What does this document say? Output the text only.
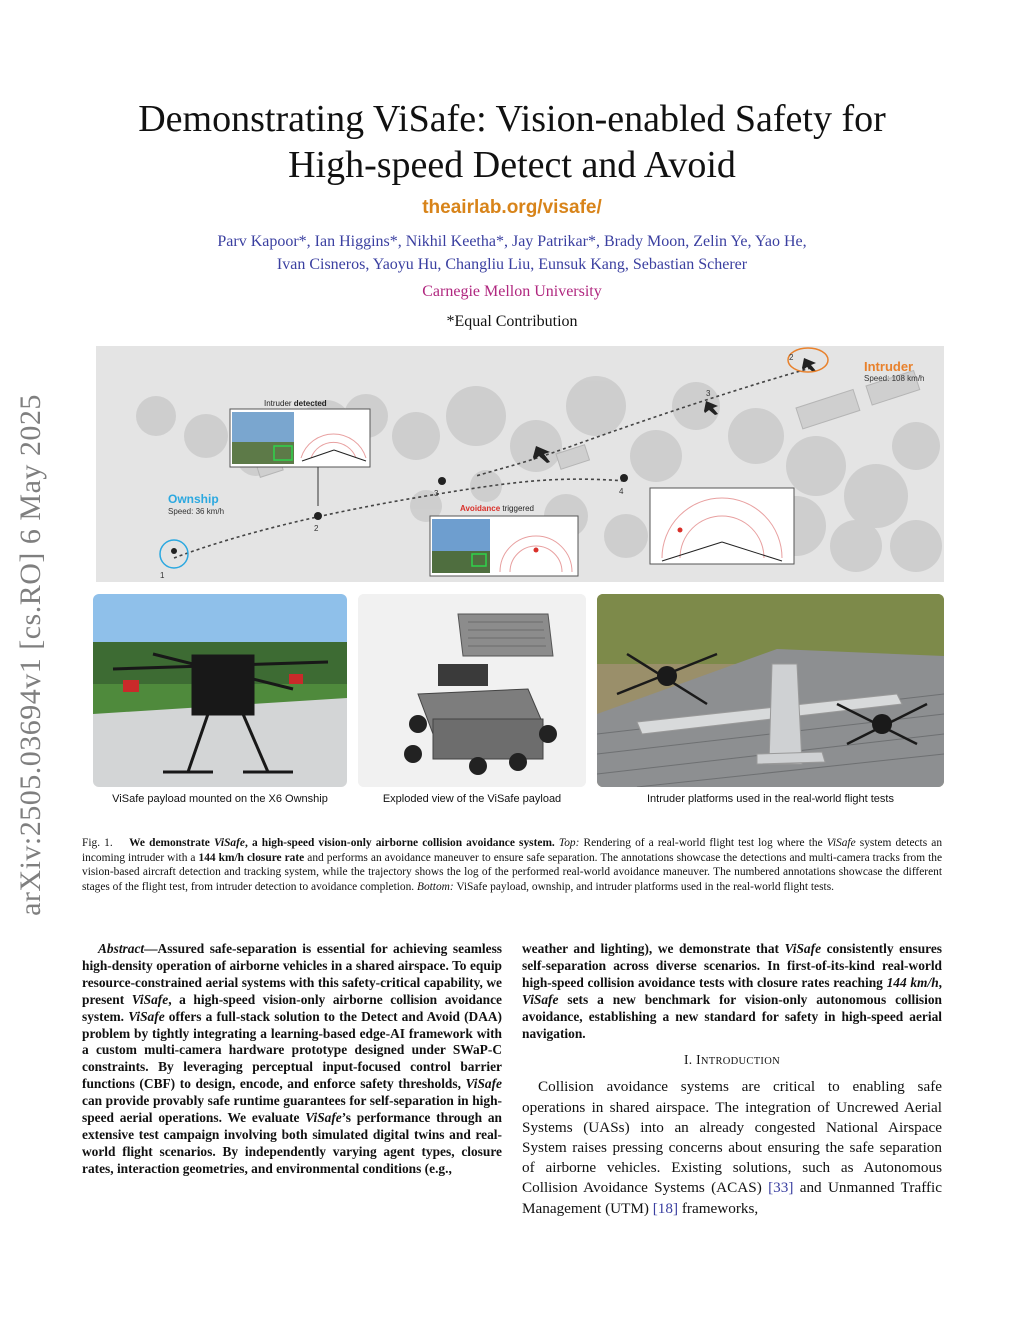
arXiv:2505.03694v1 [cs.RO] 6 May 2025
Demonstrating ViSafe: Vision-enabled Safety for
High-speed Detect and Avoid
theairlab.org/visafe/
Parv Kapoor*, Ian Higgins*, Nikhil Keetha*, Jay Patrikar*, Brady Moon, Zelin Ye, Yao He,
Ivan Cisneros, Yaoyu Hu, Changliu Liu, Eunsuk Kang, Sebastian Scherer
Carnegie Mellon University
*Equal Contribution
1
2
3	4
2
3
Intruder
Speed: 108 km/h
Ownship
Speed: 36 km/h
Intruder detected
Avoidance triggered
ViSafe payload mounted on the X6 Ownship	Exploded view of the ViSafe payload	Intruder platforms used in the real-world flight tests
Fig. 1. We demonstrate ViSafe, a high-speed vision-only airborne collision avoidance system. Top: Rendering of a real-world flight test log where the ViSafe system detects an incoming intruder with a 144 km/h closure rate and performs an avoidance maneuver to ensure safe separation. The annotations showcase the detections and multi-camera tracks from the vision-based aircraft detection and tracking system, while the trajectory shows the log of the performed real-world avoidance maneuver. The numbered annotations showcase the different stages of the flight test, from intruder detection to avoidance completion. Bottom: ViSafe payload, ownship, and intruder platforms used in the real-world flight tests.
Abstract—Assured safe-separation is essential for achieving seamless high-density operation of airborne vehicles in a shared airspace. To equip resource-constrained aerial systems with this safety-critical capability, we present ViSafe, a high-speed vision-only airborne collision avoidance system. ViSafe offers a full-stack solution to the Detect and Avoid (DAA) problem by tightly integrating a learning-based edge-AI framework with a custom multi-camera hardware prototype designed under SWaP-C constraints. By leveraging perceptual input-focused control barrier functions (CBF) to design, encode, and enforce safety thresholds, ViSafe can provide provably safe runtime guarantees for self-separation in high-speed aerial operations. We evaluate ViSafe’s performance through an extensive test campaign involving both simulated digital twins and real-world flight scenarios. By independently varying agent types, closure rates, interaction geometries, and environmental conditions (e.g.,
weather and lighting), we demonstrate that ViSafe consistently ensures self-separation across diverse scenarios. In first-of-its-kind real-world high-speed collision avoidance tests with closure rates reaching 144 km/h, ViSafe sets a new benchmark for vision-only autonomous collision avoidance, establishing a new standard for safety in high-speed aerial navigation.
I. INTRODUCTION
Collision avoidance systems are critical to enabling safe operations in shared airspace. The integration of Uncrewed Aerial Systems (UASs) into an already congested National Airspace System raises pressing concerns about ensuring the safe separation of airborne vehicles. Existing solutions, such as Autonomous Collision Avoidance Systems (ACAS) [33] and Unmanned Traffic Management (UTM) [18] frameworks,
